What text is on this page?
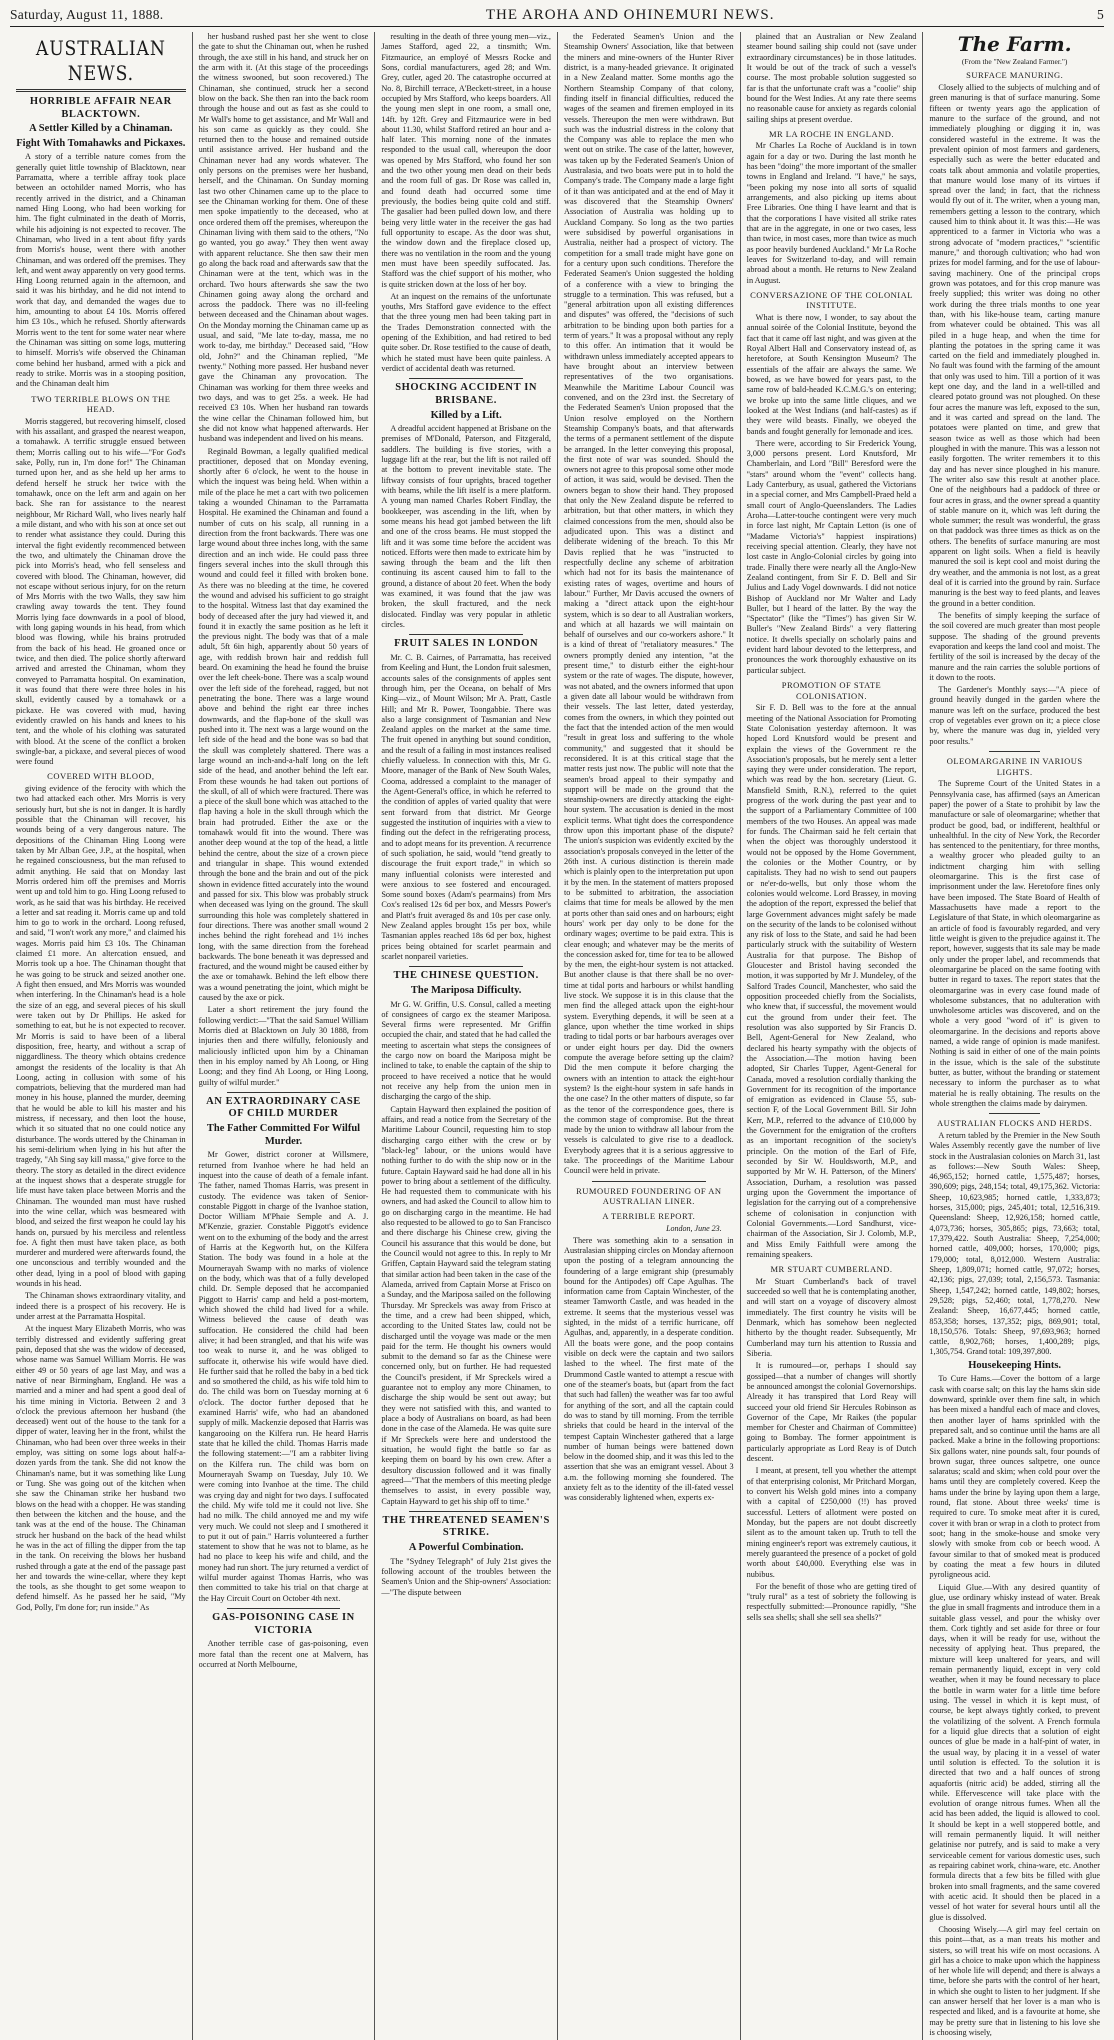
Saturday, August 11, 1888.	THE AROHA AND OHINEMURI NEWS.	5
AUSTRALIAN NEWS.
HORRIBLE AFFAIR NEAR BLACKTOWN.
A Settler Killed by a Chinaman.
Fight With Tomahawks and Pickaxes.

A story of a terrible nature comes from the generally quiet little township of Blacktown, near Parramatta, where a terrible affray took place between an octohilder named Morris, who has recently arrived in the district, and a Chinaman named Hing Loong, who had been working for him. The fight culminated in the death of Morris, while his adjoining is not expected to recover. The Chinaman, who lived in a tent about fifty yards from Morris's house, went there with another Chinaman, and was ordered off the premises. They left, and went away apparently on very good terms. Hing Loong returned again in the afternoon, and said it was his birthday, and he did not intend to work that day, and demanded the wages due to him, amounting to about £4 10s. Morris offered him £3 10s., which he refused. Shortly afterwards Morris went to the tent for some water near where the Chinaman was sitting on some logs, muttering to himself. Morris's wife observed the Chinaman come behind her husband, armed with a pick and ready to strike. Morris was in a stooping position, and the Chinaman dealt him

TWO TERRIBLE BLOWS ON THE HEAD.

Morris staggered, but recovering himself, closed with his assailant, and grasped the nearest weapon, a tomahawk. A terrific struggle ensued between them; Morris calling out to his wife—"For God's sake, Polly, run in, I'm done for!" The Chinaman turned upon her, and as she held up her arms to defend herself he struck her twice with the tomahawk, once on the left arm and again on her back. She ran for assistance to the nearest neighbour, Mr Richard Wall, who lives nearly half a mile distant, and who with his son at once set out to render what assistance they could. During this interval the fight evidently recommenced between the two, and ultimately the Chinaman drove the pick into Morris's head, who fell senseless and covered with blood. The Chinaman, however, did not escape without serious injury, for on the return of Mrs Morris with the two Walls, they saw him crawling away towards the tent. They found Morris lying face downwards in a pool of blood, with long gaping wounds in his head, from which blood was flowing, while his brains protruded from the back of his head. He groaned once or twice, and then died. The police shortly afterward arrived and arrested the Chinaman, whom they conveyed to Parramatta hospital. On examination, it was found that there were three holes in his skull, evidently caused by a tomahawk or a pickaxe. He was covered with mud, having evidently crawled on his hands and knees to his tent, and the whole of his clothing was saturated with blood. At the scene of the conflict a broken swingle-bar, a pickaxe, and several pieces of wood were found

COVERED WITH BLOOD,

giving evidence of the ferocity with which the two had attacked each other. Mrs Morris is very seriously hurt, but she is not in danger. It is hardly possible that the Chinaman will recover, his wounds being of a very dangerous nature. The depositions of the Chinaman Hing Loong were taken by Mr Alban Gee, J.P., at the hospital, when he regained consciousness, but the man refused to admit anything. He said that on Monday last Morris ordered him off the premises and Morris went up and told him to go. Hing Loong refused to work, as he said that was his birthday. He received a letter and sat reading it. Morris came up and told him to go to work in the orchard. Loong refused, and said, "I won't work any more," and claimed his wages. Morris paid him £3 10s. The Chinaman claimed £1 more. An altercation ensued, and Morris took up a hoe. The Chinaman thought that he was going to be struck and seized another one. A fight then ensued, and Mrs Morris was wounded when interfering. In the Chinaman's head is a hole the size of an egg, and several pieces of his skull were taken out by Dr Phillips. He asked for something to eat, but he is not expected to recover. Mr Morris is said to have been of a liberal disposition, free, hearty, and without a scrap of niggardliness. The theory which obtains credence amongst the residents of the locality is that Ah Loong, acting in collusion with some of his compatriots, believing that the murdered man had money in his house, planned the murder, deeming that he would be able to kill his master and his mistress, if necessary, and then loot the house, which it so situated that no one could notice any disturbance. The words uttered by the Chinaman in his semi-delirium when lying in his hut after the tragedy, "Ah Sing say kill massa," give force to the theory. The story as detailed in the direct evidence at the inquest shows that a desperate struggle for life must have taken place between Morris and the Chinaman. The wounded man must have rushed into the wine cellar, which was besmeared with blood, and seized the first weapon he could lay his hands on, pursued by his merciless and relentless foe. A fight then must have taken place, as both murderer and murdered were afterwards found, the one unconscious and terribly wounded and the other dead, lying in a pool of blood with gaping wounds in his head.

The Chinaman shows extraordinary vitality, and indeed there is a prospect of his recovery. He is under arrest at the Parramatta Hospital.

At the inquest Mary Elizabeth Morris, who was terribly distressed and evidently suffering great pain, deposed that she was the widow of deceased, whose name was Samuel William Morris. He was either 49 or 50 years of age last May, and was a native of near Birmingham, England. He was a married and a miner and had spent a good deal of his time mining in Victoria. Between 2 and 3 o'clock the previous afternoon her husband (the deceased) went out of the house to the tank for a dipper of water, leaving her in the front, whilst the Chinaman, who had been over three weeks in their employ, was sitting on some logs about half-a-dozen yards from the tank. She did not know the Chinaman's name, but it was something like Lung or Tung. She was going out of the kitchen when she saw the Chinaman strike her husband two blows on the head with a chopper. He was standing then between the kitchen and the house, and the tank was at the end of the house. The Chinaman struck her husband on the back of the head whilst he was in the act of filling the dipper from the tap in the tank. On receiving the blows her husband rushed through a gate at the end of the passage past her and towards the wine-cellar, where they kept the tools, as she thought to get some weapon to defend himself. As he passed her he said, "My God, Polly, I'm done for; run inside." As

her husband rushed past her she went to close the gate to shut the Chinaman out, when he rushed through, the axe still in his hand, and struck her on the arm with it. (At this stage of the proceedings the witness swooned, but soon recovered.) The Chinaman, she continued, struck her a second blow on the back. She then ran into the back room through the house and out as fast as she could to Mr Wall's home to get assistance, and Mr Wall and his son came as quickly as they could. She returned then to the house and remained outside until assistance arrived. Her husband and the Chinaman never had any words whatever. The only persons on the premises were her husband, herself, and the Chinaman. On Sunday morning last two other Chinamen came up to the place to see the Chinaman working for them. One of these men spoke impatiently to the deceased, who at once ordered them off the premises, whereupon the Chinaman living with them said to the others, "No go wanted, you go away." They then went away with apparent reluctance. She then saw their men go along the back road and afterwards saw that the Chinaman were at the tent, which was in the orchard. Two hours afterwards she saw the two Chinamen going away along the orchard and across the paddock. There was no ill-feeling between deceased and the Chinaman about wages. On the Monday morning the Chinaman came up as usual, and said, "Me late to-day, massa, me no work to-day, me birthday." Deceased said, "How old, John?" and the Chinaman replied, "Me twenty." Nothing more passed. Her husband never gave the Chinaman any provocation. The Chinaman was working for them three weeks and two days, and was to get 25s. a week. He had received £3 10s. When her husband ran towards the wine cellar the Chinaman followed him, but she did not know what happened afterwards. Her husband was independent and lived on his means.

Reginald Bowman, a legally qualified medical practitioner, deposed that on Monday evening, shortly after 6 o'clock, he went to the house in which the inquest was being held. When within a mile of the place he met a cart with two policemen taking a wounded Chinaman to the Parramatta Hospital. He examined the Chinaman and found a number of cuts on his scalp, all running in a direction from the front backwards. There was one large wound about three inches long, with the same direction and an inch wide. He could pass three fingers several inches into the skull through this wound and could feel it filled with broken bone. As there was no bleeding at the time, he covered the wound and advised his sufficient to go straight to the hospital. Witness last that day examined the body of deceased after the jury had viewed it, and found it in exactly the same position as he left it the previous night. The body was that of a male adult, 5ft 6in high, apparently about 50 years of age, with reddish brown hair and reddish full beard. On examining the head he found the bruise over the left cheek-bone. There was a scalp wound over the left side of the forehead, ragged, but not penetrating the bone. There was a large wound above and behind the right ear three inches downwards, and the flap-bone of the skull was pushed into it. The next was a large wound on the left side of the head and the bone was so bad that the skull was completely shattered. There was a large wound an inch-and-a-half long on the left side of the head, and another behind the left ear. From these wounds he had taken out portions of the skull, of all of which were fractured. There was a piece of the skull bone which was attached to the flap having a hole in the skull through which the brain had protruded. Either the axe or the tomahawk would fit into the wound. There was another deep wound at the top of the head, a little behind the centre, about the size of a crown piece and triangular in shape. This wound extended through the bone and the brain and out of the pick shown in evidence fitted accurately into the wound and passed for six. This blow was probably struck when deceased was lying on the ground. The skull surrounding this hole was completely shattered in four directions. There was another small wound 2 inches behind the right forehead and 1½ inches long, with the same direction from the forehead backwards. The bone beneath it was depressed and fractured, and the wound might be caused either by the axe or tomahawk. Behind the left elbow there was a wound penetrating the joint, which might be caused by the axe or pick.

Later a short retirement the jury found the following verdict:—"That the said Samuel William Morris died at Blacktown on July 30 1888, from injuries then and there wilfully, feloniously and maliciously inflicted upon him by a Chinaman then in his employ named by Ah Loong, or Hing Loong; and they find Ah Loong, or Hing Loong, guilty of wilful murder."

AN EXTRAORDINARY CASE OF CHILD MURDER
The Father Committed For Wilful Murder.

Mr Gower, district coroner at Willsmere, returned from Ivanhoe where he had held an inquest into the cause of death of a female infant. The father, named Thomas Harris, was present in custody. The evidence was taken of Senior-constable Piggott in charge of the Ivanhoe station, Doctor William M'Phaie Semple and A. J. M'Kenzie, grazier. Constable Piggott's evidence went on to the exhuming of the body and the arrest of Harris at the Kegworth hut, on the Kilfera Station. The body was found in a hole at the Mournerayah Swamp with no marks of violence on the body, which was that of a fully developed child. Dr. Semple deposed that he accompanied Piggott to Harris' camp and held a post-mortem, which showed the child had lived for a while. Witness believed the cause of death was suffocation. He considered the child had been alive; it had been strangled, and that his wife was too weak to nurse it, and he was obliged to suffocate it, otherwise his wife would have died. He further said that he rolled the baby in a bed tick and so smothered the child, as his wife told him to do. The child was born on Tuesday morning at 6 o'clock. The doctor further deposed that he examined Harris' wife, who had an abandoned supply of milk. Mackenzie deposed that Harris was kangarooing on the Kilfera run. He heard Harris state that he killed the child. Thomas Harris made the following statement:—"I am a rabbiter living on the Kilfera run. The child was born on Mournerayah Swamp on Tuesday, July 10. We were coming into Ivanhoe at the time. The child was crying day and night for two days. I suffocated the child. My wife told me it could not live. She had no milk. The child annoyed me and my wife very much. We could not sleep and I smothered it to put it out of pain." Harris volunteered a further statement to show that he was not to blame, as he had no place to keep his wife and child, and the money had run short. The jury returned a verdict of wilful murder against Thomas Harris, who was then committed to take his trial on that charge at the Hay Circuit Court on October 4th next.

GAS-POISONING CASE IN VICTORIA

Another terrible case of gas-poisoning, even more fatal than the recent one at Malvern, has occurred at North Melbourne,

resulting in the death of three young men—viz., James Stafford, aged 22, a tinsmith; Wm. Fitzmaurice, an employé of Messrs Rocke and Sons, cordial manufacturers, aged 28; and Wm. Grey, cutler, aged 20. The catastrophe occurred at No. 8, Birchill terrace, A'Beckett-street, in a house occupied by Mrs Stafford, who keeps boarders. All the young men slept in one room, a small one, 14ft. by 12ft. Grey and Fitzmaurice were in bed about 11.30, whilst Stafford retired an hour and a-half later. This morning none of the inmates responded to the usual call, whereupon the door was opened by Mrs Stafford, who found her son and the two other young men dead on their beds and the room full of gas. Dr Rose was called in, and found death had occurred some time previously, the bodies being quite cold and stiff. The gasalier had been pulled down low, and there being very little water in the receiver the gas had full opportunity to escape. As the door was shut, the window down and the fireplace closed up, there was no ventilation in the room and the young men must have been speedily suffocated. Jas. Stafford was the chief support of his mother, who is quite stricken down at the loss of her boy.

At an inquest on the remains of the unfortunate youths, Mrs Stafford gave evidence to the effect that the three young men had been taking part in the Trades Demonstration connected with the opening of the Exhibition, and had retired to bed quite sober. Dr. Rose testified to the cause of death, which he stated must have been quite painless. A verdict of accidental death was returned.

SHOCKING ACCIDENT IN BRISBANE.
Killed by a Lift.

A dreadful accident happened at Brisbane on the premises of M'Donald, Paterson, and Fitzgerald, saddlers. The building is five stories, with a luggage lift at the rear, but the lift is not railed off at the bottom to prevent inevitable state. The liftway consists of four uprights, braced together with beams, while the lift itself is a mere platform. A young man named Charles Robert Findlay, the bookkeeper, was ascending in the lift, when by some means his head got jambed between the lift and one of the cross beams. He must stopped the lift and it was some time before the accident was noticed. Efforts were then made to extricate him by sawing through the beam and the lift then continuing its ascent caused him to fall to the ground, a distance of about 20 feet. When the body was examined, it was found that the jaw was broken, the skull fractured, and the neck dislocated. Findlay was very popular in athletic circles.

FRUIT SALES IN LONDON

Mr. C. B. Cairnes, of Parramatta, has received from Keeling and Hunt, the London fruit salesmen, accounts sales of the consignments of apples sent through him, per the Oceana, on behalf of Mrs King—viz., of Mount Wilson; Mr A. Pratt, Castle Hill; and Mr R. Power, Toongabbie. There was also a large consignment of Tasmanian and New Zealand apples on the market at the same time. The fruit opened in anything but sound condition, and the result of a failing in most instances realised chiefly valueless. In connection with this, Mr G. Moore, manager of the Bank of New South Wales, Cooma, addressed a complaint to the manager of the Agent-General's office, in which he referred to the condition of apples of varied quality that were sent forward from that district. Mr George suggested the institution of inquiries with a view to finding out the defect in the refrigerating process, and to adopt means for its prevention. A recurrence of such spoliation, he said, would "tend greatly to discourage the fruit export trade," in which so many influential colonists were interested and were anxious to see fostered and encouraged. Some sound boxes (Adam's pearmains) from Mrs Cox's realised 12s 6d per box, and Messrs Power's and Platt's fruit averaged 8s and 10s per case only. New Zealand apples brought 15s per box, while Tasmanian apples reached 18s 6d per box, highest prices being obtained for scarlet pearmain and scarlet nonpareil varieties.

THE CHINESE QUESTION.
The Mariposa Difficulty.

Mr G. W. Griffin, U.S. Consul, called a meeting of consignees of cargo ex the steamer Mariposa. Several firms were represented. Mr Griffin occupied the chair, and stated that he had called the meeting to ascertain what steps the consignees of the cargo now on board the Mariposa might be inclined to take, to enable the captain of the ship to proceed to have received a notice that he would not receive any help from the union men in discharging the cargo of the ship.

Captain Hayward then explained the position of affairs, and read a notice from the Secretary of the Maritime Labour Council, requesting him to stop discharging cargo either with the crew or by "black-leg" labour, or the unions would have nothing further to do with the ship now or in the future. Captain Hayward said he had done all in his power to bring about a settlement of the difficulty. He had requested them to communicate with his owners, and had asked the Council to allow him to go on discharging cargo in the meantime. He had also requested to be allowed to go to San Francisco and there discharge his Chinese crew, giving the Council his assurance that this would be done, but the Council would not agree to this. In reply to Mr Griffen, Captain Hayward said the telegram stating that similar action had been taken in the case of the Alameda, arrived from Captain Morse at Frisco on a Sunday, and the Mariposa sailed on the following Thursday. Mr Spreckels was away from Frisco at the time, and a crew had been shipped, which, according to the United States law, could not be discharged until the voyage was made or the men paid for the term. He thought his owners would submit to the demand so far as the Chinese were concerned only, but on further. He had requested the Council's president, if Mr Spreckels wired a guarantee not to employ any more Chinamen, to discharge the ship would be sent out away; but they were not satisfied with this, and wanted to place a body of Australians on board, as had been done in the case of the Alameda. He was quite sure if Mr Spreckels were here and understood the situation, he would fight the battle so far as keeping them on board by his own crew. After a desultory discussion followed and it was finally agreed—"That the members of this meeting pledge themselves to assist, in every possible way, Captain Hayward to get his ship off to time."

THE THREATENED SEAMEN'S STRIKE.
A Powerful Combination.

The "Sydney Telegraph" of July 21st gives the following account of the troubles between the Seamen's Union and the Ship-owners' Association:—"The dispute between

the Federated Seamen's Union and the Steamship Owners' Association, like that between the miners and mine-owners of the Hunter River district, is a many-headed grievance. It originated in a New Zealand matter. Some months ago the Northern Steamship Company of that colony, finding itself in financial difficulties, reduced the wages of the seamen and firemen employed in its vessels. Thereupon the men were withdrawn. But such was the industrial distress in the colony that the Company was able to replace the men who went out on strike. The case of the latter, however, was taken up by the Federated Seamen's Union of Australasia, and two boats were put in to hold the Company's trade. The Company made a large fight of it than was anticipated and at the end of May it was discovered that the Steamship Owners' Association of Australia was holding up to Auckland Company. So long as the two parties were subsidised by powerful organisations in Australia, neither had a prospect of victory. The competition for a small trade might have gone on for a century upon such conditions. Therefore the Federated Seamen's Union suggested the holding of a conference with a view to bringing the struggle to a termination. This was refused, but a "general arbitration upon all existing differences and disputes" was offered, the "decisions of such arbitration to be binding upon both parties for a term of years." It was a proposal without any reply to this offer. An intimation that it would be withdrawn unless immediately accepted appears to have brought about an interview between representatives of the two organisations. Meanwhile the Maritime Labour Council was convened, and on the 23rd inst. the Secretary of the Federated Seamen's Union proposed that the Union resolve employed on the Northern Steamship Company's boats, and that afterwards the terms of a permanent settlement of the dispute be arranged. In the letter conveying this proposal, the first note of war was sounded. Should the owners not agree to this proposal some other mode of action, it was said, would be devised. Then the owners began to show their hand. They proposed that only the New Zealand dispute be referred to arbitration, but that other matters, in which they claimed concessions from the men, should also be adjudicated upon. This was a distinct and deliberate widening of the breach. To this Mr Davis replied that he was "instructed to respectfully decline any scheme of arbitration which had not for its basis the maintenance of existing rates of wages, overtime and hours of labour." Further, Mr Davis accused the owners of making a "direct attack upon the eight-hour system, which is so dear to all Australian workers, and which at all hazards we will maintain on behalf of ourselves and our co-workers ashore." It is a kind of threat of "retaliatory measures." The owners promptly denied any intention, "at the present time," to disturb either the eight-hour system or the rate of wages. The dispute, however, was not abated, and the owners informed that upon a given date all labour would be withdrawn from their vessels. The last letter, dated yesterday, comes from the owners, in which they pointed out the fact that the intended action of the men would "result in great loss and suffering to the whole community," and suggested that it should be reconsidered. It is at this critical stage that the matter rests just now. The public will note that the seamen's broad appeal to their sympathy and support will be made on the ground that the steamship-owners are directly attacking the eight-hour system. The accusation is denied in the most explicit terms. What tight does the correspondence throw upon this important phase of the dispute? The union's suspicion was evidently excited by the association's proposals conveyed in the letter of the 26th inst. A curious distinction is therein made which is plainly open to the interpretation put upon it by the men. In the statement of matters proposed to be submitted to arbitration, the association claims that time for meals be allowed by the men at ports other than said ones and on harbours; eight hours' work per day only to be done for the ordinary wages; overtime to be paid extra. This is clear enough; and whatever may be the merits of the concession asked for, time for tea to be allowed by the men, the eight-hour system is not attacked. But another clause is that there shall be no over-time at tidal ports and harbours or whilst handling live stock. We suppose it is in this clause that the men find the alleged attack upon the eight-hour system. Everything depends, it will be seen at a glance, upon whether the time worked in ships trading to tidal ports or bar harbours averages over or under eight hours per day. Did the owners compute the average before setting up the claim? Did the men compute it before charging the owners with an intention to attack the eight-hour system? Is the eight-hour system in safe hands in the one case? In the other matters of dispute, so far as the tenor of the correspondence goes, there is the common stage of compromise. But the threat made by the union to withdraw all labour from the vessels is calculated to give rise to a deadlock. Everybody agrees that it is a serious aggressive to take. The proceedings of the Maritime Labour Council were held in private.

RUMOURED FOUNDERING OF AN AUSTRALIAN LINER.
A TERRIBLE REPORT.
London, June 23.

There was something akin to a sensation in Australasian shipping circles on Monday afternoon upon the posting of a telegram announcing the foundering of a large emigrant ship (presumably bound for the Antipodes) off Cape Agulhas. The information came from Captain Winchester, of the steamer Tamworth Castle, and was headed in the extreme. It seems that the mysterious vessel was sighted, in the midst of a terrific hurricane, off Agulhas, and, apparently, in a desperate condition. All the boats were gone, and the poop contains visible on deck were the captain and two sailors lashed to the wheel. The first mate of the Drummond Castle wanted to attempt a rescue with one of the steamer's boats, but (apart from the fact that such had fallen) the weather was far too awful for anything of the sort, and all the captain could do was to stand by till morning. From the terrible shrieks that could be heard in the interval of the tempest Captain Winchester gathered that a large number of human beings were battened down below in the doomed ship, and it was this led to the assertion that she was an emigrant vessel. About 3 a.m. the following morning she foundered. The anxiety felt as to the identity of the ill-fated vessel was considerably lightened when, experts ex-

plained that an Australian or New Zealand steamer bound sailing ship could not (save under extraordinary circumstances) be in those latitudes. It would be out of the track of such a vessel's course. The most probable solution suggested so far is that the unfortunate craft was a "coolie" ship bound for the West Indies. At any rate there seems no reasonable cause for anxiety as regards colonial sailing ships at present overdue.

MR LA ROCHE IN ENGLAND.

Mr Charles La Roche of Auckland is in town again for a day or two. During the last month he has been "doing" the more important of the smaller towns in England and Ireland. "I have," he says, "been poking my nose into all sorts of squalid arrangements, and also picking up items about Free Libraries. One thing I have learnt and that is that the corporations I have visited all strike rates that are in the aggregate, in one or two cases, less than twice, in most cases, more than twice as much as poor heavily burdened Auckland." Mr La Roche leaves for Switzerland to-day, and will remain abroad about a month. He returns to New Zealand in August.

CONVERSAZIONE OF THE COLONIAL INSTITUTE.

What is there now, I wonder, to say about the annual soirée of the Colonial Institute, beyond the fact that it came off last night, and was given at the Royal Albert Hall and Conservatory instead of, as heretofore, at South Kensington Museum? The essentials of the affair are always the same. We bowed, as we have bowed for years past, to the same row of bald-headed K.C.M.G.'s on entering; we broke up into the same little cliques, and we looked at the West Indians (and half-castes) as if they were wild beasts. Finally, we obeyed the bands and fought generally for lemonade and ices.

There were, according to Sir Frederick Young, 3,000 persons present. Lord Knutsford, Mr Chamberlain, and Lord "Bill" Beresford were the "stars" around whom the "event" collects hang. Lady Canterbury, as usual, gathered the Victorians in a special corner, and Mrs Campbell-Praed held a small court of Anglo-Queenslanders. The Ladies Aroha—Latter-touche contingent were very much in force last night, Mr Captain Letton (is one of "Madame Victoria's" happiest inspirations) receiving special attention. Clearly, they have not lost caste in Anglo-Colonial circles by going into trade. Finally there were nearly all the Anglo-New Zealand contingent, from Sir F. D. Bell and Sir Julius and Lady Vogel downwards. I did not notice Bishop of Auckland nor Mr Walter and Lady Buller, but I heard of the latter. By the way the "Spectator" (like the "Times") has given Sir W. Buller's "New Zealand Birds" a very flattering notice. It dwells specially on scholarly pains and evident hard labour devoted to the letterpress, and pronounces the work thoroughly exhaustive on its particular subject.

PROMOTION OF STATE COLONISATION.

Sir F. D. Bell was to the fore at the annual meeting of the National Association for Promoting State Colonisation yesterday afternoon. It was hoped Lord Knutsford would be present and explain the views of the Government re the Association's proposals, but he merely sent a letter saying they were under consideration. The report, which was read by the hon. secretary (Lieut. G. Mansfield Smith, R.N.), referred to the quiet progress of the work during the past year and to the support of a Parliamentary Committee of 100 members of the two Houses. An appeal was made for funds. The Chairman said he felt certain that when the object was thoroughly understood it would not be opposed by the Home Government, the colonies or the Mother Country, or by capitalists. They had no wish to send out paupers or ne'er-do-wells, but only those whom the colonies would welcome. Lord Brassey, in moving the adoption of the report, expressed the belief that large Government advances might safely be made on the security of the lands to be colonised without any risk of loss to the State, and said he had been particularly struck with the suitability of Western Australia for that purpose. The Bishop of Gloucester and Bristol having seconded the motion, it was supported by Mr J. Mundeley, of the Salford Trades Council, Manchester, who said the opposition proceeded chiefly from the Socialists, who knew that, if successful, the movement would cut the ground from under their feet. The resolution was also supported by Sir Francis D. Bell, Agent-General for New Zealand, who declared his hearty sympathy with the objects of the Association.—The motion having been adopted, Sir Charles Tupper, Agent-General for Canada, moved a resolution cordially thanking the Government for its recognition of the importance of emigration as evidenced in Clause 55, sub-section F, of the Local Government Bill. Sir John Kerr, M.P., referred to the advance of £10,000 by the Government for the emigration of the crofters as an important recognition of the society's principle. On the motion of the Earl of Fife, seconded by Sir W. Houldsworth, M.P., and supported by Mr W. H. Patterson, of the Miners' Association, Durham, a resolution was passed urging upon the Government the importance of legislation for the carrying out of a comprehensive scheme of colonisation in conjunction with Colonial Governments.—Lord Sandhurst, vice-chairman of the Association, Sir J. Colomb, M.P., and Miss Emily Faithfull were among the remaining speakers.

MR STUART CUMBERLAND.

Mr Stuart Cumberland's back of travel succeeded so well that he is contemplating another, and will start on a voyage of discovery almost immediately. The first country he visits will be Denmark, which has somehow been neglected hitherto by the thought reader. Subsequently, Mr Cumberland may turn his attention to Russia and Siberia.

It is rumoured—or, perhaps I should say gossiped—that a number of changes will shortly be announced amongst the colonial Governorships. Already it has transpired that Lord Reay will succeed your old friend Sir Hercules Robinson as Governor of the Cape, Mr Raikes (the popular member for Chester and Chairman of Committee) going to Bombay. The former appointment is particularly appropriate as Lord Reay is of Dutch descent.

I meant, at present, tell you whether the attempt of that enterprising colonist, Mr Pritchard Morgan, to convert his Welsh gold mines into a company with a capital of £250,000 (!!) has proved successful. Letters of allotment were posted on Monday, but the papers are not doubt discreetly silent as to the amount taken up. Truth to tell the mining engineer's report was extremely cautious, it merely guaranteed the presence of a pocket of gold worth about £40,000. Everything else was in nubibus.

For the benefit of those who are getting tired of "truly rural" as a test of sobriety the following is respectfully submitted:—Pronounce rapidly, "She sells sea shells; shall she sell sea shells?"

The Farm.
(From the "New Zealand Farmer.")
SURFACE MANURING.

Closely allied to the subjects of mulching and of green manuring is that of surface manuring. Some fifteen or twenty years ago the application of manure to the surface of the ground, and not immediately ploughing or digging it in, was considered wasteful in the extreme. It was the prevalent opinion of most farmers and gardeners, especially such as were the better educated and coats talk about ammonia and volatile properties, that manure would lose many of its virtues if spread over the land; in fact, that the richness would fly out of it. The writer, when a young man, remembers getting a lesson to the contrary, which caused him to think about it. It was this:—He was apprenticed to a farmer in Victoria who was a strong advocate of "modern practices," "scientific manure," and thorough cultivation; who had won prizes for model farming, and for the use of labour-saving machinery. One of the principal crops grown was potatoes, and for this crop manure was freely supplied; this writer was doing no other work during the three trials months to one year than, with his like-house team, carting manure from whatever could be obtained. This was all piled in a huge heap, and when the time for planting the potatoes in the spring came it was carted on the field and immediately ploughed in. No fault was found with the farming of the amount that only was used to him. Till a portion of it was kept one day, and the land in a well-tilled and cleared potato ground was not ploughed. On these four acres the manure was left, exposed to the sun, and it was carted and spread on the land. The potatoes were planted on time, and grew that season twice as well as those which had been ploughed in with the manure. This was a lesson not easily forgotten. The writer remembers it to this day and has never since ploughed in his manure. The writer also saw this result at another place. One of the neighbours had a paddock of three or four acres in grass, and the owner spread a quantity of stable manure on it, which was left during the whole summer; the result was wonderful, the grass on that paddock was three times as thick as on the others. The benefits of surface manuring are most apparent on light soils. When a field is heavily manured the soil is kept cool and moist during the dry weather, and the ammonia is not lost, as a great deal of it is carried into the ground by rain. Surface manuring is the best way to feed plants, and leaves the ground in a better condition.

The benefits of simply keeping the surface of the soil covered are much greater than most people suppose. The shading of the ground prevents evaporation and keeps the land cool and moist. The fertility of the soil is increased by the decay of the manure and the rain carries the soluble portions of it down to the roots.

The Gardener's Monthly says:—"A piece of ground heavily dunged in the garden where the manure was left on the surface, produced the best crop of vegetables ever grown on it; a piece close by, where the manure was dug in, yielded very poor results."

OLEOMARGARINE IN VARIOUS LIGHTS.

The Supreme Court of the United States in a Pennsylvania case, has affirmed (says an American paper) the power of a State to prohibit by law the manufacture or sale of oleomargarine; whether that product be good, bad, or indifferent, healthful or unhealthful. In the city of New York, the Recorder has sentenced to the penitentiary, for three months, a wealthy grocer who pleaded guilty to an indictment charging him with selling oleomargarine. This is the first case of imprisonment under the law. Heretofore fines only have been imposed. The State Board of Health of Massachusetts have made a report to the Legislature of that State, in which oleomargarine as an article of food is favourably regarded, and very little weight is given to the prejudice against it. The report, however, suggests that its sale may be made only under the proper label, and recommends that oleomargarine be placed on the same footing with butter in regard to taxes. The report states that the oleomargarine was in every case found made of wholesome substances, that no adulteration with unwholesome articles was discovered, and on the whole a very good "word of it" is given to oleomargarine. In the decisions and reports above named, a wide range of opinion is made manifest. Nothing is said in either of one of the main points in the issue, which is the sale of the substitute butter, as butter, without the branding or statement necessary to inform the purchaser as to what material he is really obtaining. The results on the whole strengthen the claims made by dairymen.

AUSTRALIAN FLOCKS AND HERDS.

A return tabled by the Premier in the New South Wales Assembly recently gave the number of live stock in the Australasian colonies on March 31, last as follows:—New South Wales: Sheep, 46,965,152; horned cattle, 1,575,487; horses, 390,609; pigs, 248,154; total, 49,175,362. Victoria: Sheep, 10,623,985; horned cattle, 1,333,873; horses, 315,000; pigs, 245,401; total, 12,516,319. Queensland: Sheep, 12,926,158; horned cattle, 4,073,736; horses, 305,865; pigs, 73,663; total, 17,379,422. South Australia: Sheep, 7,254,000; horned cattle, 409,000; horses, 170,000; pigs, 179,000; total, 8,012,000. Western Australia: Sheep, 1,809,071; horned cattle, 97,072; horses, 42,136; pigs, 27,039; total, 2,156,573. Tasmania: Sheep, 1,547,242; horned cattle, 149,802; horses, 29,528; pigs, 52,460; total, 1,778,270. New Zealand: Sheep, 16,677,445; horned cattle, 853,358; horses, 137,352; pigs, 869,901; total, 18,150,576. Totals: Sheep, 97,693,963; horned cattle, 8,902,768; horses, 1,400,289; pigs, 1,305,754. Grand total: 109,397,800.

Housekeeping Hints.

To Cure Hams.—Cover the bottom of a large cask with coarse salt; on this lay the hams skin side downward, sprinkle over them fine salt, in which has been mixed a handful each of mace and cloves, then another layer of hams sprinkled with the prepared salt, and so continue until the hams are all packed. Make a brine in the following proportions: Six gallons water, nine pounds salt, four pounds of brown sugar, three ounces saltpetre, one ounce salaratus; scald and skim; when cold pour over the hams until they are completely covered. Keep the hams under the brine by laying upon them a large, round, flat stone. About three weeks' time is required to cure. To smoke meat after it is cured, cover it with bran or wrap in a cloth to protect from soot; hang in the smoke-house and smoke very slowly with smoke from cob or beech wood. A favour similar to that of smoked meat is produced by coating the meat a few hours in diluted pyroligneous acid.

Liquid Glue.—With any desired quantity of glue, use ordinary whisky instead of water. Break the glue in small fragments and introduce them in a suitable glass vessel, and pour the whisky over them. Cork tightly and set aside for three or four days, when it will be ready for use, without the necessity of applying heat. Thus prepared, the mixture will keep unaltered for years, and will remain permanently liquid, except in very cold weather, when it may be found necessary to place the bottle in warm water for a little time before using. The vessel in which it is kept must, of course, be kept always tightly corked, to prevent the volatilizing of the solvent. A French formula for a liquid glue directs that a solution of eight ounces of glue be made in a half-pint of water, in the usual way, by placing it in a vessel of water until solution is effected. To the solution it is directed that two and a half ounces of strong aquafortis (nitric acid) be added, stirring all the while. Effervescence will take place with the evolution of orange nitrous fumes. When all the acid has been added, the liquid is allowed to cool. It should be kept in a well stoppered bottle, and will remain permanently liquid. It will neither gelatinise nor putrefy, and is said to make a very serviceable cement for various domestic uses, such as repairing cabinet work, china-ware, etc. Another formula directs that a few bits be filled with glue broken into small fragments, and the same covered with acetic acid. It should then be placed in a vessel of hot water for several hours until all the glue is dissolved.

Choosing Wisely.—A girl may feel certain on this point—that, as a man treats his mother and sisters, so will treat his wife on most occasions. A girl has a choice to make upon which the happiness of her whole life will depend; and there is always a time, before she parts with the control of her heart, in which she ought to listen to her judgment. If she can answer herself that her lover is a man who is respected and liked, and is a favourite at home, she may be pretty sure that in listening to his love she is choosing wisely,
